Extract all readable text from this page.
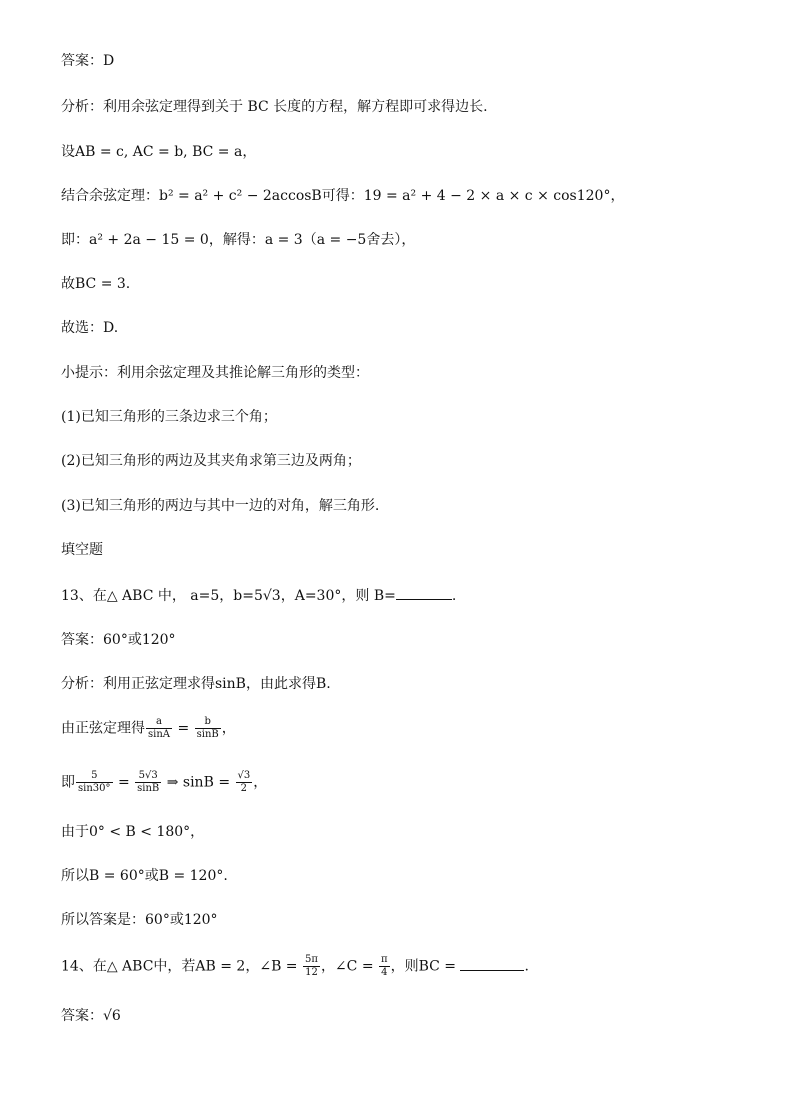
答案：D
分析：利用余弦定理得到关于 BC 长度的方程，解方程即可求得边长.
设AB = c, AC = b, BC = a，
结合余弦定理：b² = a² + c² − 2accosB可得：19 = a² + 4 − 2 × a × c × cos120°，
即：a² + 2a − 15 = 0，解得：a = 3（a = −5舍去），
故BC = 3.
故选：D.
小提示：利用余弦定理及其推论解三角形的类型：
(1)已知三角形的三条边求三个角；
(2)已知三角形的两边及其夹角求第三边及两角；
(3)已知三角形的两边与其中一边的对角，解三角形.
填空题
13、在△ ABC 中， a=5，b=5√3，A=30°，则 B=	.
答案：60°或120°
分析：利用正弦定理求得sinB，由此求得B.
由正弦定理得 $\frac{a}{\sin A} = \frac{b}{\sin B}$ ，
即 $\frac{5}{\sin 30^\circ} = \frac{5√3}{\sin B}$ ⇒ $\sin B = \frac{√3}{2}$ ，
由于0° < B < 180°，
所以B = 60°或B = 120°.
所以答案是：60°或120°
14、在△ ABC中，若AB = 2，∠B = $\frac{5\pi}{12}$ ，∠C = $\frac{\pi}{4}$ ，则BC =	.
答案：√6
